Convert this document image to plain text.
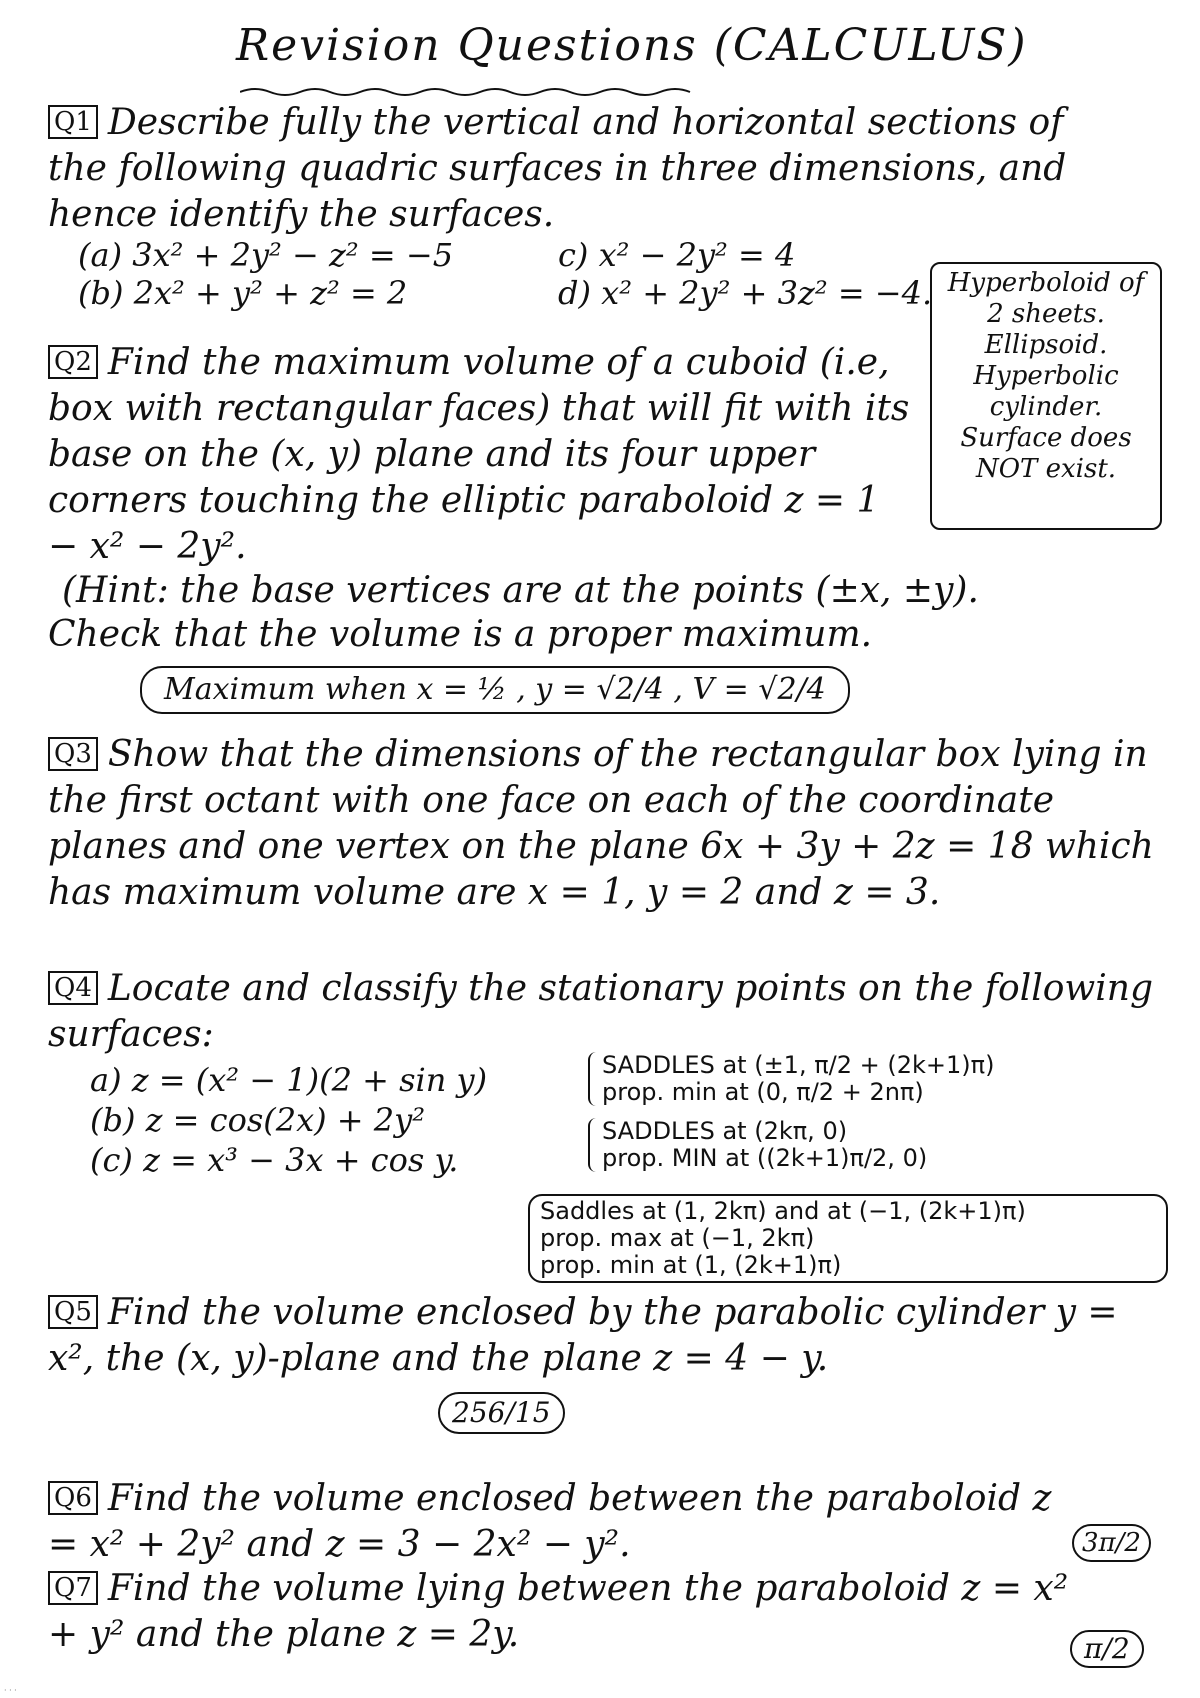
Revision Questions (CALCULUS)
Q1 Describe fully the vertical and horizontal sections of the following quadric surfaces in three dimensions, and hence identify the surfaces.
(a) 3x² + 2y² − z² = −5	c) x² − 2y² = 4
(b) 2x² + y² + z² = 2	d) x² + 2y² + 3z² = −4. Hyperboloid of 2 sheets.
Ellipsoid.
Hyperbolic cylinder.
Surface does NOT exist.
Q2 Find the maximum volume of a cuboid (i.e, box with rectangular faces) that will fit with its base on the (x, y) plane and its four upper corners touching the elliptic paraboloid z = 1 − x² − 2y².
(Hint: the base vertices are at the points (±x, ±y).
Check that the volume is a proper maximum.
Maximum when x = ½ , y = √2/4 , V = √2/4
Q3 Show that the dimensions of the rectangular box lying in the first octant with one face on each of the coordinate planes and one vertex on the plane 6x + 3y + 2z = 18 which has maximum volume are x = 1, y = 2 and z = 3.
Q4 Locate and classify the stationary points on the following surfaces:
a) z = (x² − 1)(2 + sin y)
(b) z = cos(2x) + 2y²
(c) z = x³ − 3x + cos y.
SADDLES at (±1, π/2 + (2k+1)π)
prop. min at (0, π/2 + 2nπ)
SADDLES at (2kπ, 0)
prop. MIN at ((2k+1)π/2, 0)
Saddles at (1, 2kπ) and at (−1, (2k+1)π)
prop. max at (−1, 2kπ)
prop. min at (1, (2k+1)π)
Q5 Find the volume enclosed by the parabolic cylinder y = x², the (x, y)-plane and the plane z = 4 − y.
256/15
Q6 Find the volume enclosed between the paraboloid z = x² + 2y² and z = 3 − 2x² − y².	3π/2
Q7 Find the volume lying between the paraboloid z = x² + y² and the plane z = 2y.	π/2
· · ·
